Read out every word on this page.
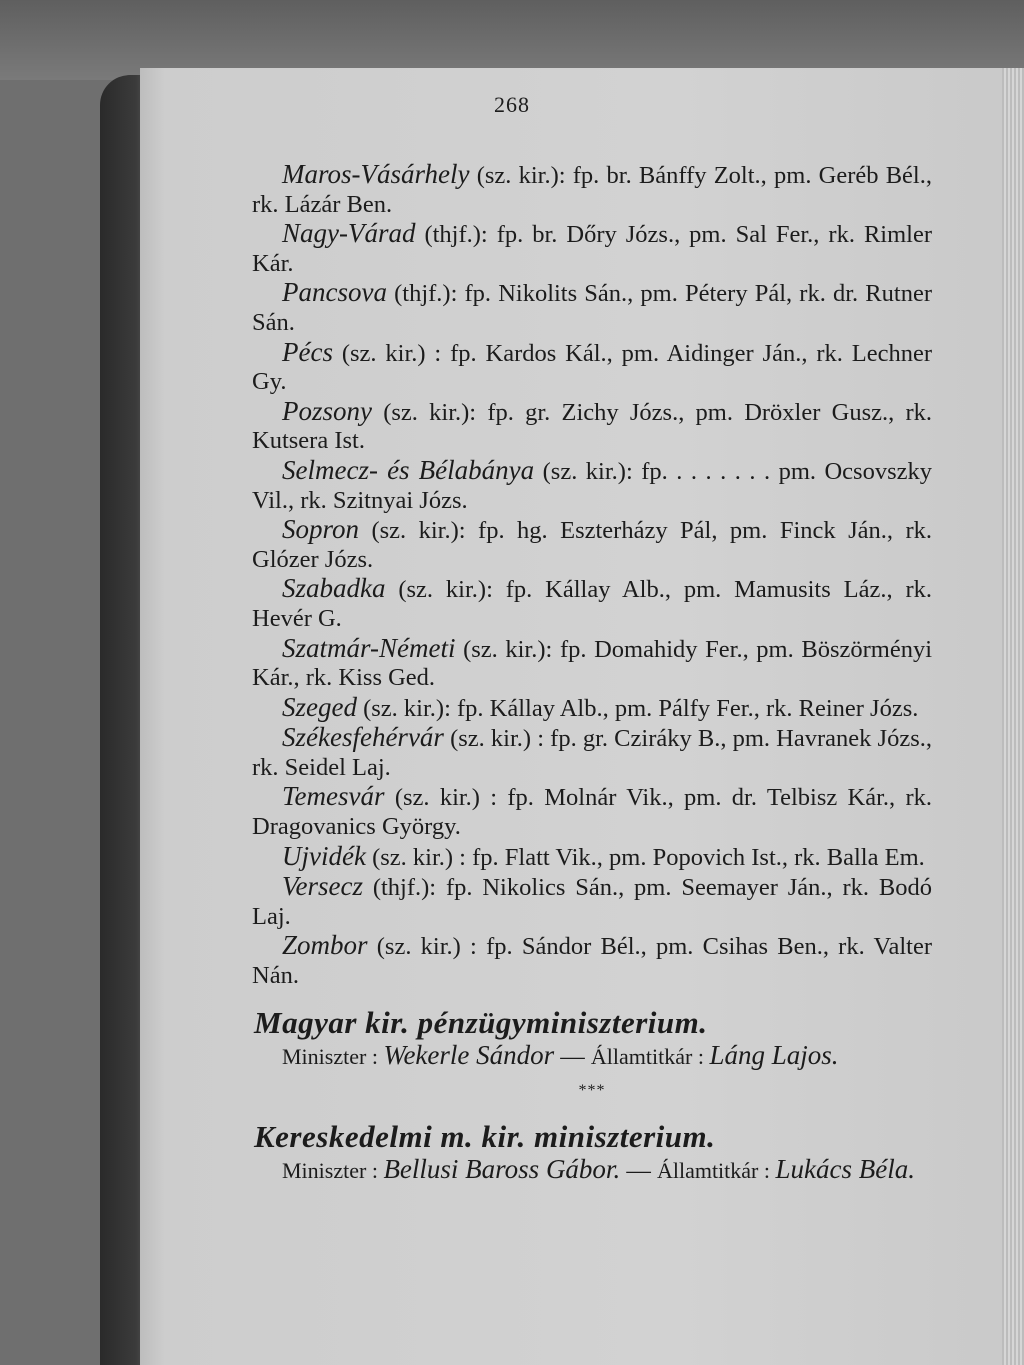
268
Maros-Vásárhely (sz. kir.): fp. br. Bánffy Zolt., pm. Geréb Bél., rk. Lázár Ben.
Nagy-Várad (thjf.): fp. br. Dőry Józs., pm. Sal Fer., rk. Rimler Kár.
Pancsova (thjf.): fp. Nikolits Sán., pm. Pétery Pál, rk. dr. Rutner Sán.
Pécs (sz. kir.) : fp. Kardos Kál., pm. Aidinger Ján., rk. Lechner Gy.
Pozsony (sz. kir.): fp. gr. Zichy Józs., pm. Dröxler Gusz., rk. Kutsera Ist.
Selmecz- és Bélabánya (sz. kir.): fp. . . . . . . . pm. Ocsovszky Vil., rk. Szitnyai Józs.
Sopron (sz. kir.): fp. hg. Eszterházy Pál, pm. Finck Ján., rk. Glózer Józs.
Szabadka (sz. kir.): fp. Kállay Alb., pm. Mamusits Láz., rk. Hevér G.
Szatmár-Németi (sz. kir.): fp. Domahidy Fer., pm. Böszörményi Kár., rk. Kiss Ged.
Szeged (sz. kir.): fp. Kállay Alb., pm. Pálfy Fer., rk. Reiner Józs.
Székesfehérvár (sz. kir.) : fp. gr. Cziráky B., pm. Havranek Józs., rk. Seidel Laj.
Temesvár (sz. kir.) : fp. Molnár Vik., pm. dr. Telbisz Kár., rk. Dragovanics György.
Ujvidék (sz. kir.) : fp. Flatt Vik., pm. Popovich Ist., rk. Balla Em.
Versecz (thjf.): fp. Nikolics Sán., pm. Seemayer Ján., rk. Bodó Laj.
Zombor (sz. kir.) : fp. Sándor Bél., pm. Csihas Ben., rk. Valter Nán.
Magyar kir. pénzügyminiszterium.
Miniszter : Wekerle Sándor — Államtitkár : Láng Lajos.
***
Kereskedelmi m. kir. miniszterium.
Miniszter : Bellusi Baross Gábor. — Államtitkár : Lukács Béla.
